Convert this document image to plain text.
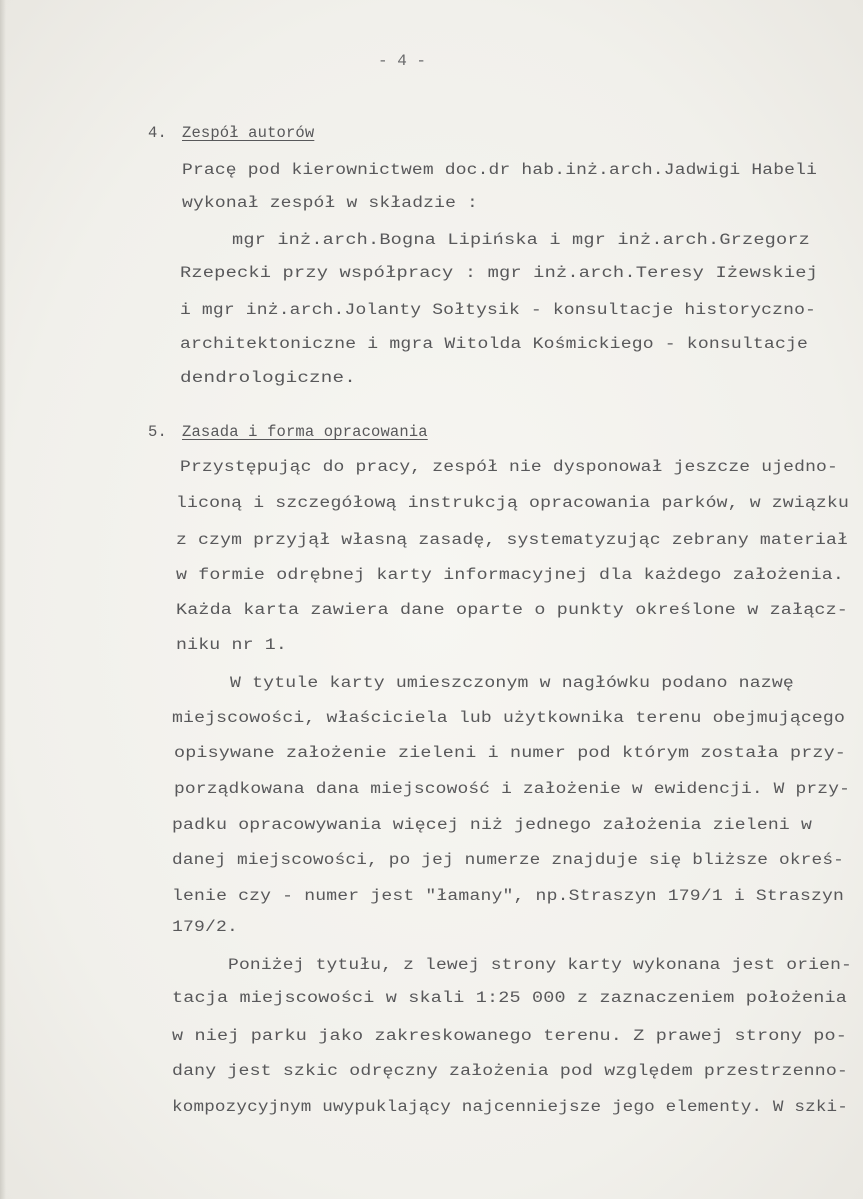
- 4 -
4. Zespół autorów
Pracę pod kierownictwem doc.dr hab.inż.arch.Jadwigi Habeli
wykonał zespół w składzie :
mgr inż.arch.Bogna Lipińska i mgr inż.arch.Grzegorz
Rzepecki przy współpracy : mgr inż.arch.Teresy Iżewskiej
i mgr inż.arch.Jolanty Sołtysik - konsultacje historyczno-
architektoniczne i mgra Witolda Kośmickiego - konsultacje
dendrologiczne.
5. Zasada i forma opracowania
Przystępując do pracy, zespół nie dysponował jeszcze ujedno-
liconą i szczegółową instrukcją opracowania parków, w związku
z czym przyjął własną zasadę, systematyzując zebrany materiał
w formie odrębnej karty informacyjnej dla każdego założenia.
Każda karta zawiera dane oparte o punkty określone w załącz-
niku nr 1.
W tytule karty umieszczonym w nagłówku podano nazwę
miejscowości, właściciela lub użytkownika terenu obejmującego
opisywane założenie zieleni i numer pod którym została przy-
porządkowana dana miejscowość i założenie w ewidencji. W przy-
padku opracowywania więcej niż jednego założenia zieleni w
danej miejscowości, po jej numerze znajduje się bliższe okreś-
lenie czy - numer jest "łamany", np.Straszyn 179/1 i Straszyn
179/2.
Poniżej tytułu, z lewej strony karty wykonana jest orien-
tacja miejscowości w skali 1:25 000 z zaznaczeniem położenia
w niej parku jako zakreskowanego terenu. Z prawej strony po-
dany jest szkic odręczny założenia pod względem przestrzenno-
kompozycyjnym uwypuklający najcenniejsze jego elementy. W szki-
